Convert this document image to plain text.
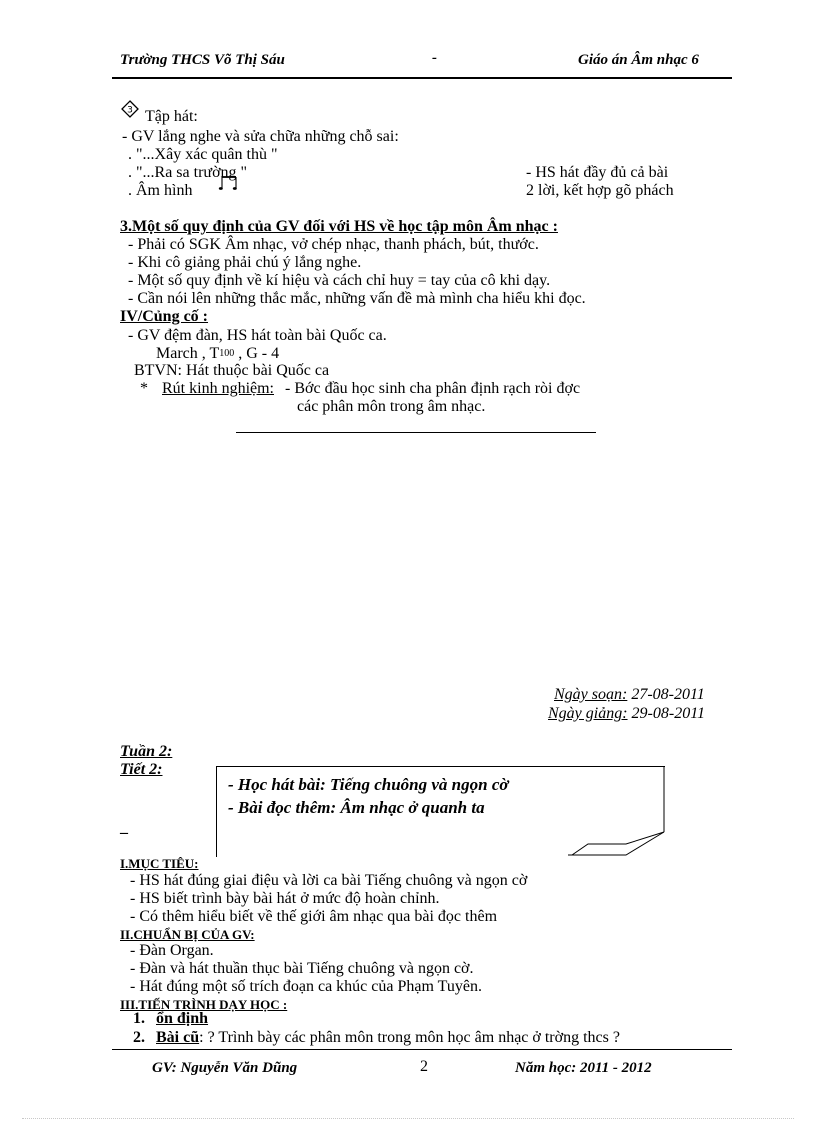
Trường THCS Võ Thị Sáu	-	Giáo án Âm nhạc 6
3 Tập hát:
- GV lắng nghe và sửa chữa những chỗ sai:
. "...Xây xác quân thù "
. "...Ra sa trường "
. Âm hình
- HS hát đầy đủ cả bài
2 lời, kết hợp gõ phách
3.Một số quy định của GV đối với HS về học tập môn Âm nhạc :
- Phải có SGK Âm nhạc, vở chép nhạc, thanh phách, bút, thước.
- Khi cô giảng phải chú ý lắng nghe.
- Một số quy định về kí hiệu và cách chỉ huy = tay của cô khi dạy.
- Cần nói lên những thắc mắc, những vấn đề mà mình cha hiểu khi đọc.
IV/Củng cố :
- GV đệm đàn, HS hát toàn bài Quốc ca.
March , T100 , G - 4
BTVN: Hát thuộc bài Quốc ca
* Rút kinh nghiệm: - Bớc đầu học sinh cha phân định rạch ròi đợc
các phân môn trong âm nhạc.
Ngày soạn: 27-08-2011
Ngày giảng: 29-08-2011
Tuần 2:
Tiết 2:
- Học hát bài: Tiếng chuông và ngọn cờ
- Bài đọc thêm: Âm nhạc ở quanh ta
–
I.MỤC TIÊU:
- HS hát đúng giai điệu và lời ca bài Tiếng chuông và ngọn cờ
- HS biết trình bày bài hát ở mức độ hoàn chỉnh.
- Có thêm hiểu biết về thế giới âm nhạc qua bài đọc thêm
II.CHUẨN BỊ CỦA GV:
- Đàn Organ.
- Đàn và hát thuần thục bài Tiếng chuông và ngọn cờ.
- Hát đúng một số trích đoạn ca khúc của Phạm Tuyên.
III.TIẾN TRÌNH DẠY HỌC :
1. ổn định
2. Bài cũ: ? Trình bày các phân môn trong môn học âm nhạc ở trờng thcs ?
GV: Nguyễn Văn Dũng	2	Năm học: 2011 - 2012
